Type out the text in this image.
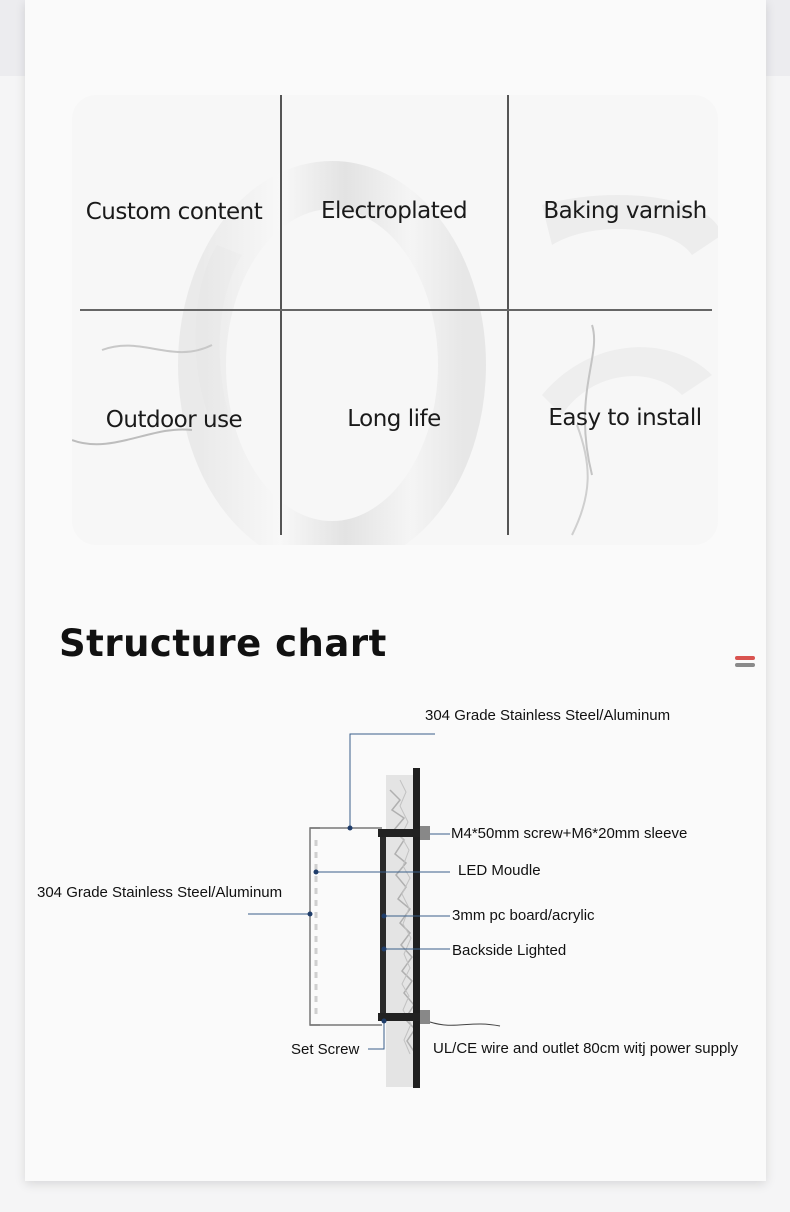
Custom content	Electroplated	Baking varnish
Outdoor use	Long life	Easy to install
Structure chart
304 Grade Stainless Steel/Aluminum
M4*50mm screw+M6*20mm sleeve
LED Moudle
304 Grade Stainless Steel/Aluminum
3mm pc board/acrylic
Backside Lighted
Set Screw	UL/CE wire and outlet 80cm witj power supply
